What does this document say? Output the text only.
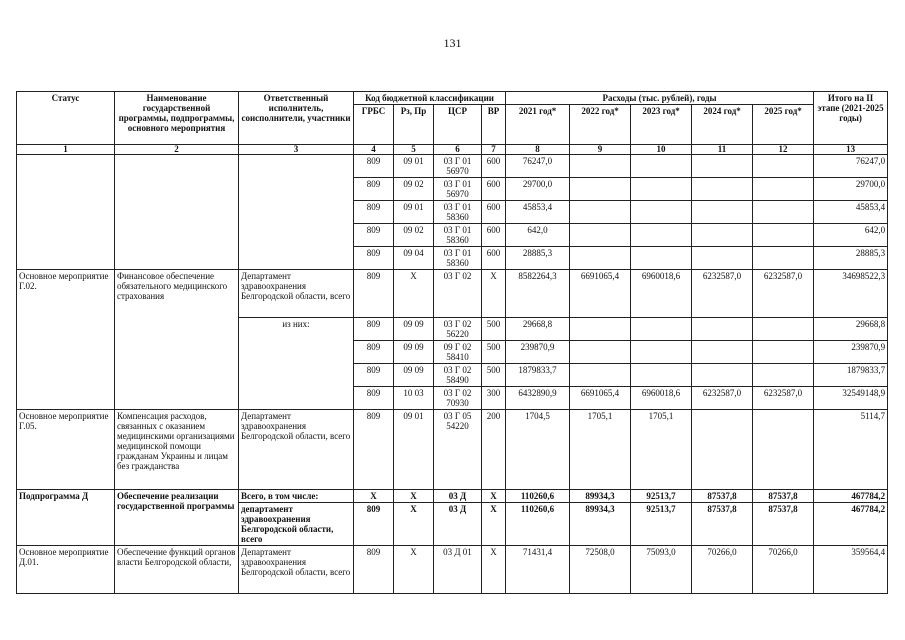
131
Статус	Наименование государственной программы, подпрограммы, основного мероприятия	Ответственный исполнитель, соисполнители, участники	Код бюджетной классификации				Расходы (тыс. рублей), годы					Итого на II этапе (2021-2025 годы)
			ГРБС	Рз, Пр	ЦСР	ВР	2021 год*	2022 год*	2023 год*	2024 год*	2025 год*	
1	2	3	4	5	6	7	8	9	10	11	12	13
			809	09 01	03 Г 01 56970	600	76247,0					76247,0
			809	09 02	03 Г 01 56970	600	29700,0					29700,0
			809	09 01	03 Г 01 58360	600	45853,4					45853,4
			809	09 02	03 Г 01 58360	600	642,0					642,0
			809	09 04	03 Г 01 58360	600	28885,3					28885,3
Основное мероприятие Г.02.	Финансовое обеспечение обязательного медицинского страхования	Департамент здравоохранения Белгородской области, всего	809	X	03 Г 02	X	8582264,3	6691065,4	6960018,6	6232587,0	6232587,0	34698522,3
		из них:	809	09 09	03 Г 02 56220	500	29668,8					29668,8
			809	09 09	09 Г 02 58410	500	239870,9					239870,9
			809	09 09	03 Г 02 58490	500	1879833,7					1879833,7
			809	10 03	03 Г 02 70930	300	6432890,9	6691065,4	6960018,6	6232587,0	6232587,0	32549148,9
Основное мероприятие Г.05.	Компенсация расходов, связанных с оказанием медицинскими организациями медицинской помощи гражданам Украины и лицам без гражданства	Департамент здравоохранения Белгородской области, всего	809	09 01	03 Г 05 54220	200	1704,5	1705,1	1705,1			5114,7
Подпрограмма Д	Обеспечение реализации государственной программы	Всего, в том числе:	X	X	03 Д	X	110260,6	89934,3	92513,7	87537,8	87537,8	467784,2
		департамент здравоохранения Белгородской области, всего	809	X	03 Д	X	110260,6	89934,3	92513,7	87537,8	87537,8	467784,2
Основное мероприятие Д.01.	Обеспечение функций органов власти Белгородской области,	Департамент здравоохранения Белгородской области, всего	809	X	03 Д 01	X	71431,4	72508,0	75093,0	70266,0	70266,0	359564,4
